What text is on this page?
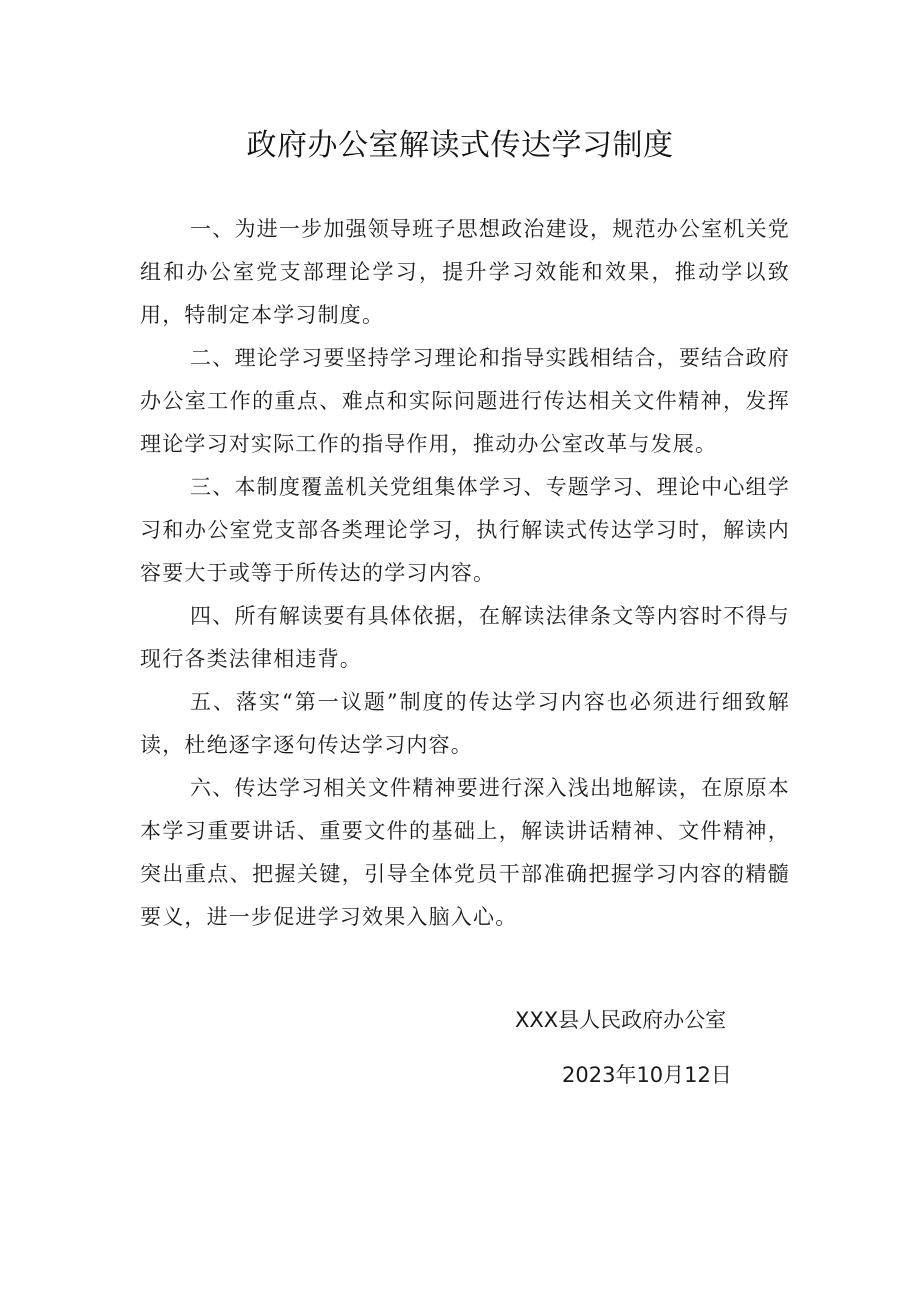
政府办公室解读式传达学习制度

一、为进一步加强领导班子思想政治建设，规范办公室机关党组和办公室党支部理论学习，提升学习效能和效果，推动学以致用，特制定本学习制度。

二、理论学习要坚持学习理论和指导实践相结合，要结合政府办公室工作的重点、难点和实际问题进行传达相关文件精神，发挥理论学习对实际工作的指导作用，推动办公室改革与发展。

三、本制度覆盖机关党组集体学习、专题学习、理论中心组学习和办公室党支部各类理论学习，执行解读式传达学习时，解读内容要大于或等于所传达的学习内容。

四、所有解读要有具体依据，在解读法律条文等内容时不得与现行各类法律相违背。

五、落实“第一议题”制度的传达学习内容也必须进行细致解读，杜绝逐字逐句传达学习内容。

六、传达学习相关文件精神要进行深入浅出地解读，在原原本本学习重要讲话、重要文件的基础上，解读讲话精神、文件精神，突出重点、把握关键，引导全体党员干部准确把握学习内容的精髓要义，进一步促进学习效果入脑入心。

XXX县人民政府办公室
2023年10月12日
